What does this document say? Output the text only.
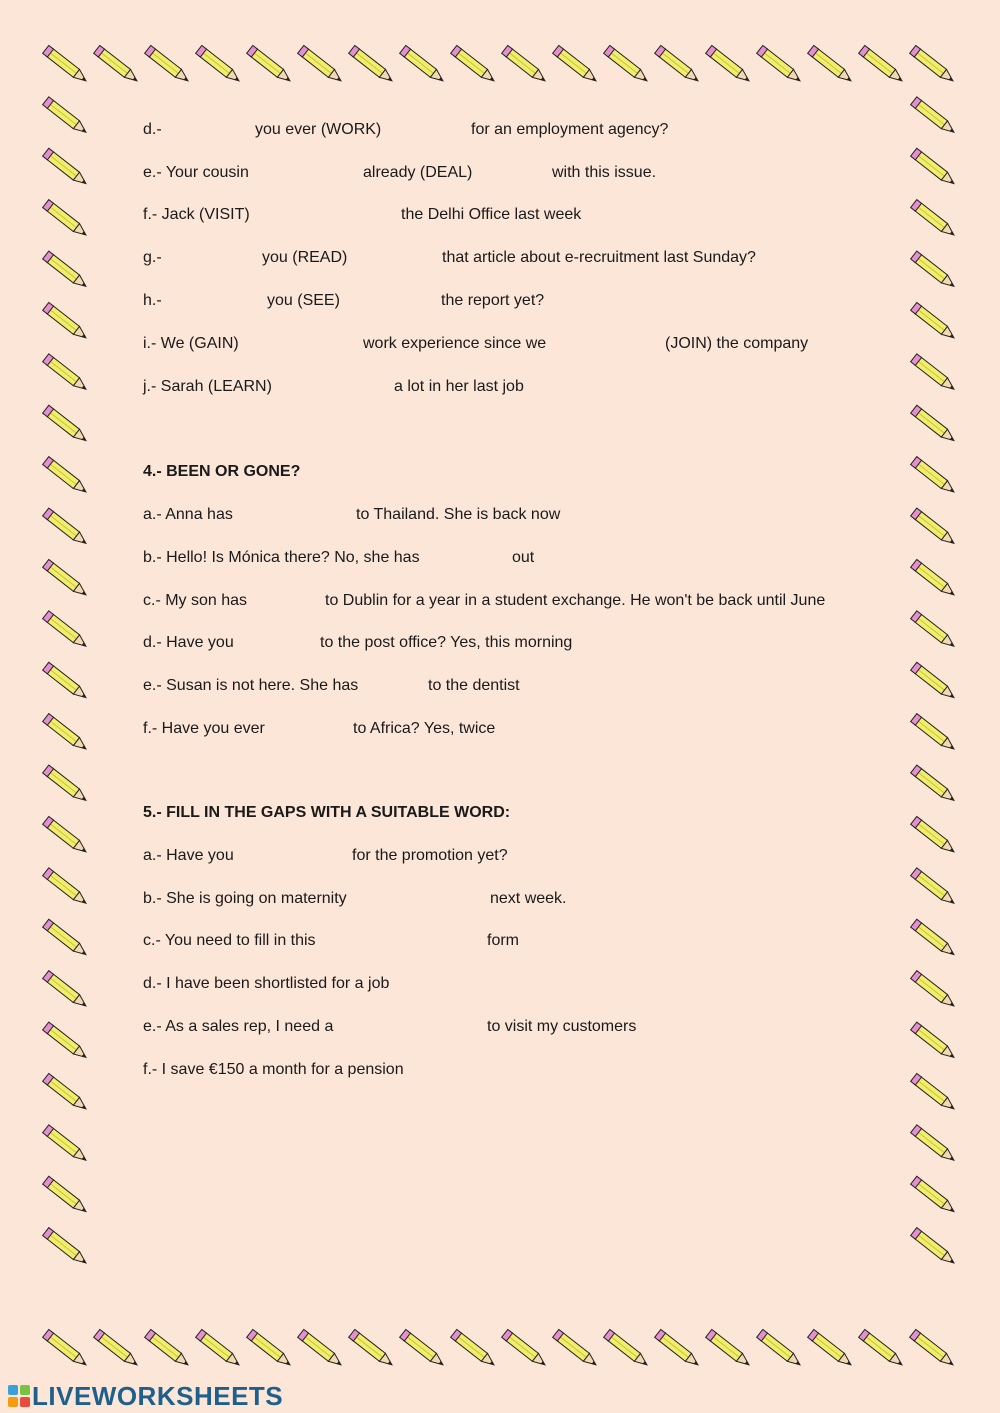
d.-	you ever (WORK)	for an employment agency?
e.- Your cousin	already (DEAL)	with this issue.
f.- Jack (VISIT)	the Delhi Office last week
g.-	you (READ)	that article about e-recruitment last Sunday?
h.-	you (SEE)	the report yet?
i.- We (GAIN)	work experience since we	(JOIN) the company
j.- Sarah (LEARN)	a lot in her last job
4.- BEEN OR GONE?
a.- Anna has	to Thailand. She is back now
b.- Hello! Is Mónica there? No, she has	out
c.- My son has	to Dublin for a year in a student exchange. He won't be back until June
d.- Have you	to the post office? Yes, this morning
e.- Susan is not here. She has	to the dentist
f.- Have you ever	to Africa? Yes, twice
5.- FILL IN THE GAPS WITH A SUITABLE WORD:
a.- Have you	for the promotion yet?
b.- She is going on maternity	next week.
c.- You need to fill in this	form
d.- I have been shortlisted for a job
e.- As a sales rep, I need a	to visit my customers
f.- I save €150 a month for a pension
LIVEWORKSHEETS
